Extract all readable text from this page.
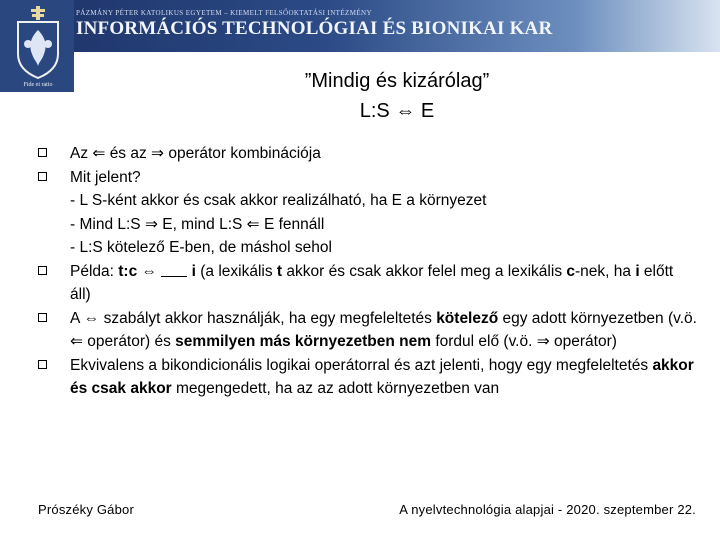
Fide et ratio
PÁZMÁNY PÉTER KATOLIKUS EGYETEM – KIEMELT FELSŐOKTATÁSI INTÉZMÉNY
INFORMÁCIÓS TECHNOLÓGIAI ÉS BIONIKAI KAR
”Mindig és kizárólag”
L:S ⇔ E
Az ⇐ és az ⇒ operátor kombinációja
Mit jelent?
- L S-ként akkor és csak akkor realizálható, ha E a környezet
- Mind L:S ⇒ E, mind L:S ⇐ E fennáll
- L:S kötelező E-ben, de máshol sehol
Példa: t:c ⇔  i (a lexikális t akkor és csak akkor felel meg a lexikális c-nek, ha i előtt áll)
A ⇔ szabályt akkor használják, ha egy megfeleltetés kötelező egy adott környezetben (v.ö. ⇐ operátor) és semmilyen más környezetben nem fordul elő (v.ö. ⇒ operátor)
Ekvivalens a bikondicionális logikai operátorral és azt jelenti, hogy egy megfeleltetés akkor és csak akkor megengedett, ha az az adott környezetben van
Prószéky Gábor	A nyelvtechnológia alapjai - 2020. szeptember 22.
